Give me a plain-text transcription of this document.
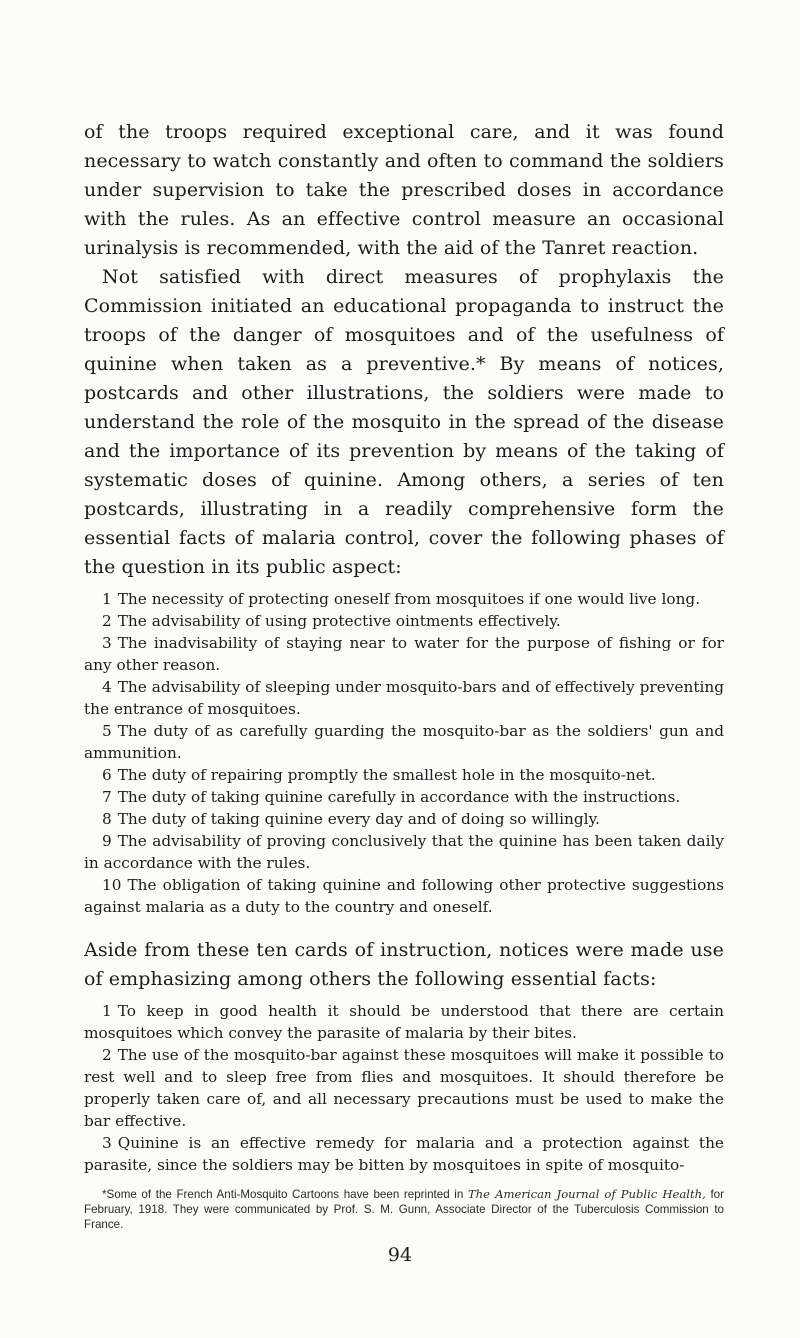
of the troops required exceptional care, and it was found necessary to watch constantly and often to command the soldiers under supervision to take the prescribed doses in accordance with the rules. As an effective control measure an occasional urinalysis is recommended, with the aid of the Tanret reaction.

Not satisfied with direct measures of prophylaxis the Commission initiated an educational propaganda to instruct the troops of the danger of mosquitoes and of the usefulness of quinine when taken as a preventive.* By means of notices, postcards and other illustrations, the soldiers were made to understand the role of the mosquito in the spread of the disease and the importance of its prevention by means of the taking of systematic doses of quinine. Among others, a series of ten postcards, illustrating in a readily comprehensive form the essential facts of malaria control, cover the following phases of the question in its public aspect:

1 The necessity of protecting oneself from mosquitoes if one would live long.
2 The advisability of using protective ointments effectively.
3 The inadvisability of staying near to water for the purpose of fishing or for any other reason.
4 The advisability of sleeping under mosquito-bars and of effectively preventing the entrance of mosquitoes.
5 The duty of as carefully guarding the mosquito-bar as the soldiers' gun and ammunition.
6 The duty of repairing promptly the smallest hole in the mosquito-net.
7 The duty of taking quinine carefully in accordance with the instructions.
8 The duty of taking quinine every day and of doing so willingly.
9 The advisability of proving conclusively that the quinine has been taken daily in accordance with the rules.
10 The obligation of taking quinine and following other protective suggestions against malaria as a duty to the country and oneself.

Aside from these ten cards of instruction, notices were made use of emphasizing among others the following essential facts:

1 To keep in good health it should be understood that there are certain mosquitoes which convey the parasite of malaria by their bites.
2 The use of the mosquito-bar against these mosquitoes will make it possible to rest well and to sleep free from flies and mosquitoes. It should therefore be properly taken care of, and all necessary precautions must be used to make the bar effective.
3 Quinine is an effective remedy for malaria and a protection against the parasite, since the soldiers may be bitten by mosquitoes in spite of mosquito-

*Some of the French Anti-Mosquito Cartoons have been reprinted in The American Journal of Public Health, for February, 1918. They were communicated by Prof. S. M. Gunn, Associate Director of the Tuberculosis Commission to France.

94
